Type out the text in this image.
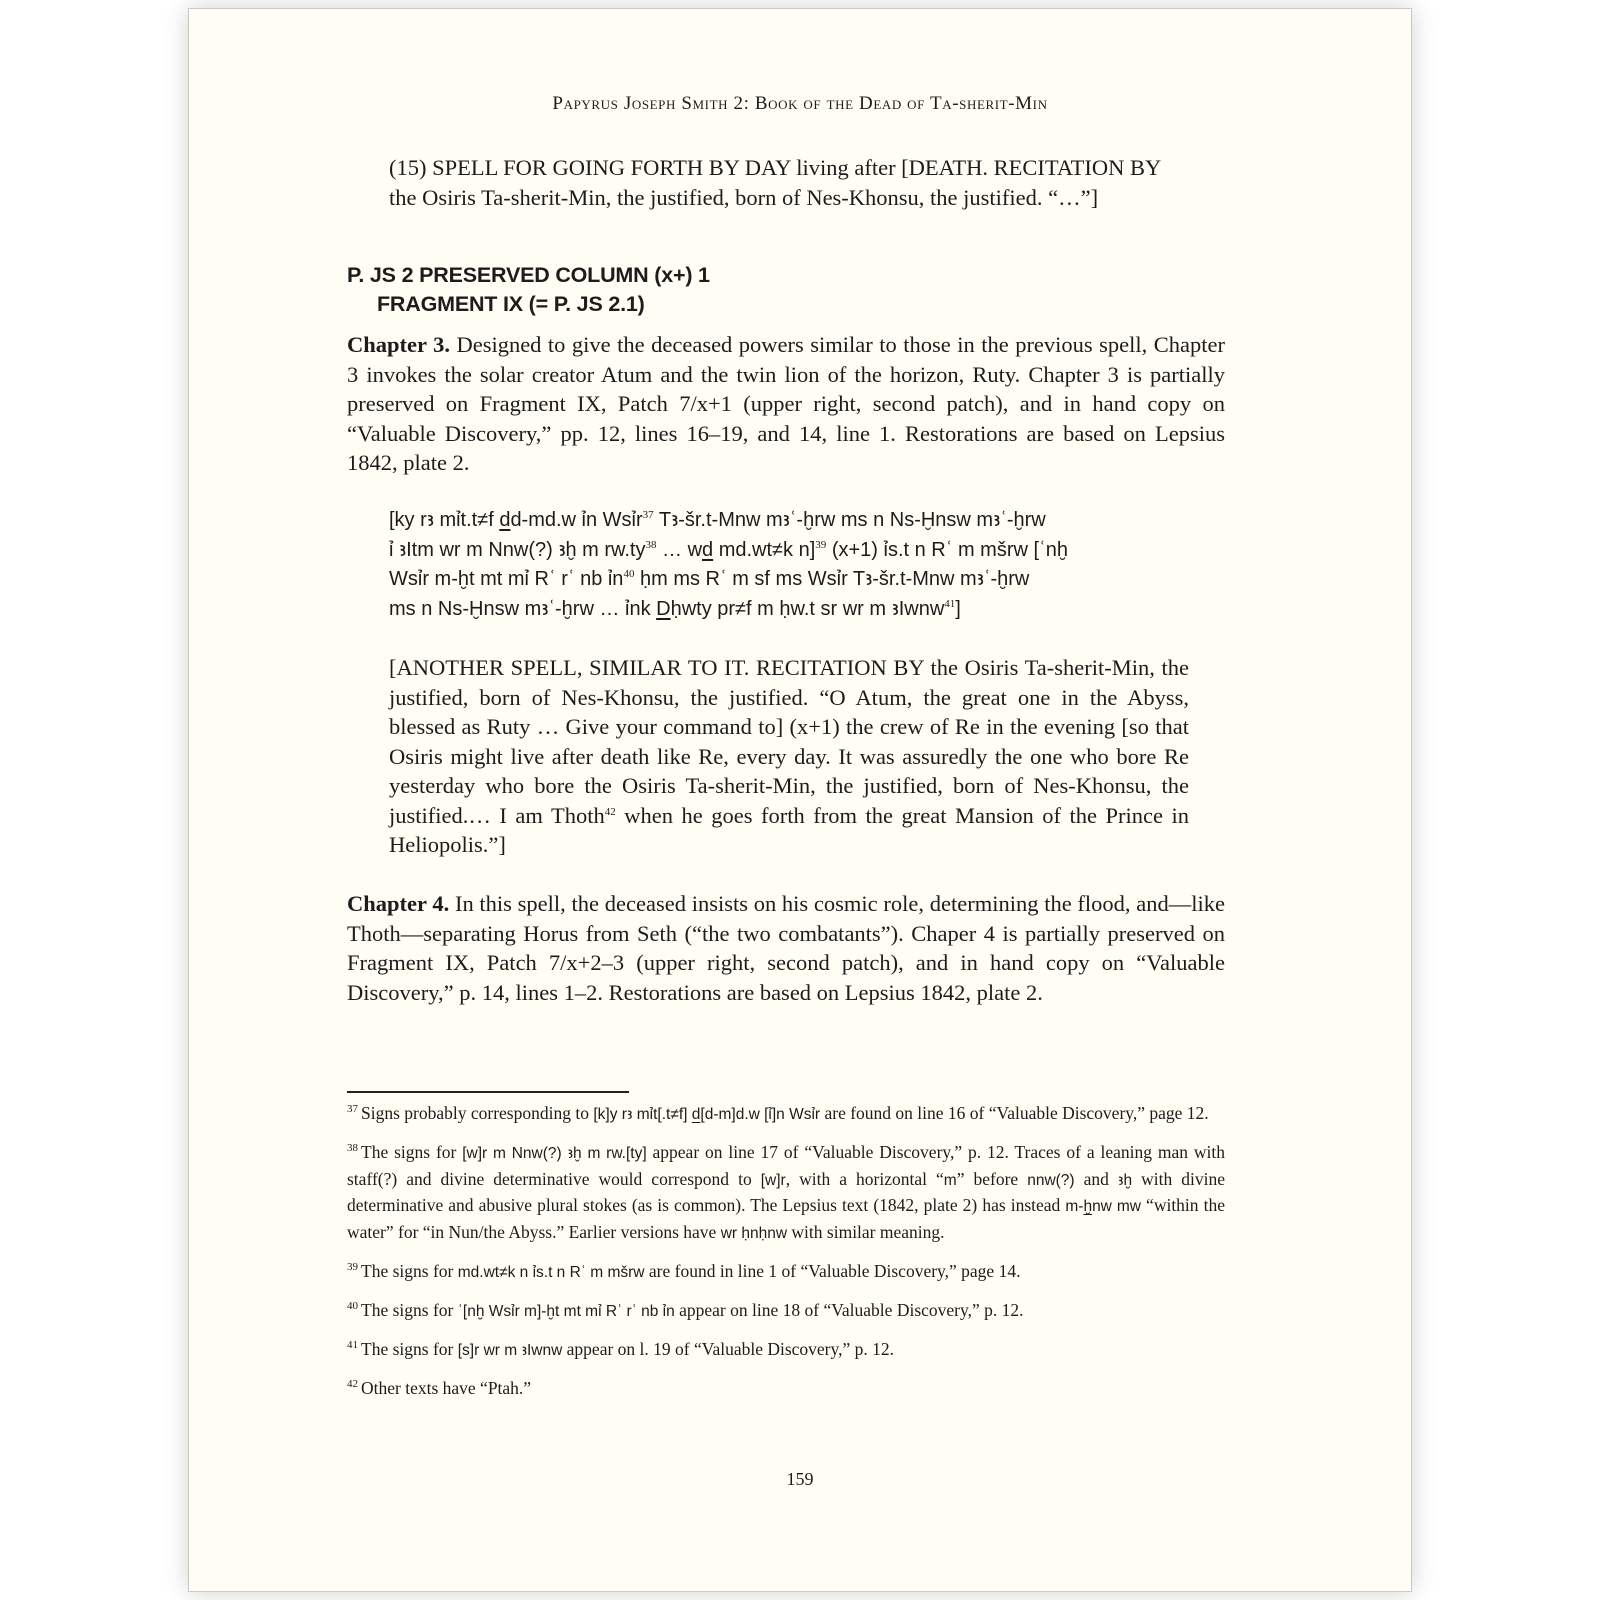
Papyrus Joseph Smith 2: Book of the Dead of Ta-sherit-Min
(15) SPELL FOR GOING FORTH BY DAY living after [DEATH. RECITATION BY
the Osiris Ta-sherit-Min, the justified, born of Nes-Khonsu, the justified. “…”]
P. JS 2 PRESERVED COLUMN (x+) 1
FRAGMENT IX (= P. JS 2.1)
Chapter 3. Designed to give the deceased powers similar to those in the previous spell, Chapter 3 invokes the solar creator Atum and the twin lion of the horizon, Ruty. Chapter 3 is partially preserved on Fragment IX, Patch 7/x+1 (upper right, second patch), and in hand copy on “Valuable Discovery,” pp. 12, lines 16–19, and 14, line 1. Restorations are based on Lepsius 1842, plate 2.
[ky rꜣ mỉt.t≠f dd-md.w ỉn Wsỉr$^{37}$ Tꜣ-šr.t-Mnw mꜣʿ-ḫrw ms n Ns-Ḫnsw mꜣʿ-ḫrw
ỉ ꜣItm wr m Nnw(?) ꜣḫ m rw.ty$^{38}$ … wd md.wt≠k n]$^{39}$ (x+1) ỉs.t n Rʿ m mšrw [ʿnḫ
Wsỉr m-ḫt mt mỉ Rʿ rʿ nb ỉn$^{40}$ ḥm ms Rʿ m sf ms Wsỉr Tꜣ-šr.t-Mnw mꜣʿ-ḫrw
ms n Ns-Ḫnsw mꜣʿ-ḫrw … ỉnk Dḥwty pr≠f m ḥw.t sr wr m ꜣIwnw$^{41}$]
[ANOTHER SPELL, SIMILAR TO IT. RECITATION BY the Osiris Ta-sherit-Min, the justified, born of Nes-Khonsu, the justified. “O Atum, the great one in the Abyss, blessed as Ruty … Give your command to] (x+1) the crew of Re in the evening [so that Osiris might live after death like Re, every day. It was assuredly the one who bore Re yesterday who bore the Osiris Ta-sherit-Min, the justified, born of Nes-Khonsu, the justified.… I am Thoth$^{42}$ when he goes forth from the great Mansion of the Prince in Heliopolis.”]
Chapter 4. In this spell, the deceased insists on his cosmic role, determining the flood, and—like Thoth—separating Horus from Seth (“the two combatants”). Chaper 4 is partially preserved on Fragment IX, Patch 7/x+2–3 (upper right, second patch), and in hand copy on “Valuable Discovery,” p. 14, lines 1–2. Restorations are based on Lepsius 1842, plate 2.

$^{37}$ Signs probably corresponding to [k]y rꜣ mỉt[.t≠f] d[d-m]d.w [ỉ]n Wsỉr are found on line 16 of “Valuable Discovery,” page 12.

$^{38}$ The signs for [w]r m Nnw(?) ꜣḫ m rw.[ty] appear on line 17 of “Valuable Discovery,” p. 12. Traces of a leaning man with staff(?) and divine determinative would correspond to [w]r, with a horizontal “m” before nnw(?) and ꜣḫ with divine determinative and abusive plural stokes (as is common). The Lepsius text (1842, plate 2) has instead m-ḫnw mw “within the water” for “in Nun/the Abyss.” Earlier versions have wr ḥnḥnw with similar meaning.

$^{39}$ The signs for md.wt≠k n ỉs.t n Rʿ m mšrw are found in line 1 of “Valuable Discovery,” page 14.

$^{40}$ The signs for ʿ[nḫ Wsỉr m]-ḫt mt mỉ Rʿ rʿ nb ỉn appear on line 18 of “Valuable Discovery,” p. 12.

$^{41}$ The signs for [s]r wr m ꜣIwnw appear on l. 19 of “Valuable Discovery,” p. 12.

$^{42}$ Other texts have “Ptah.”

159
